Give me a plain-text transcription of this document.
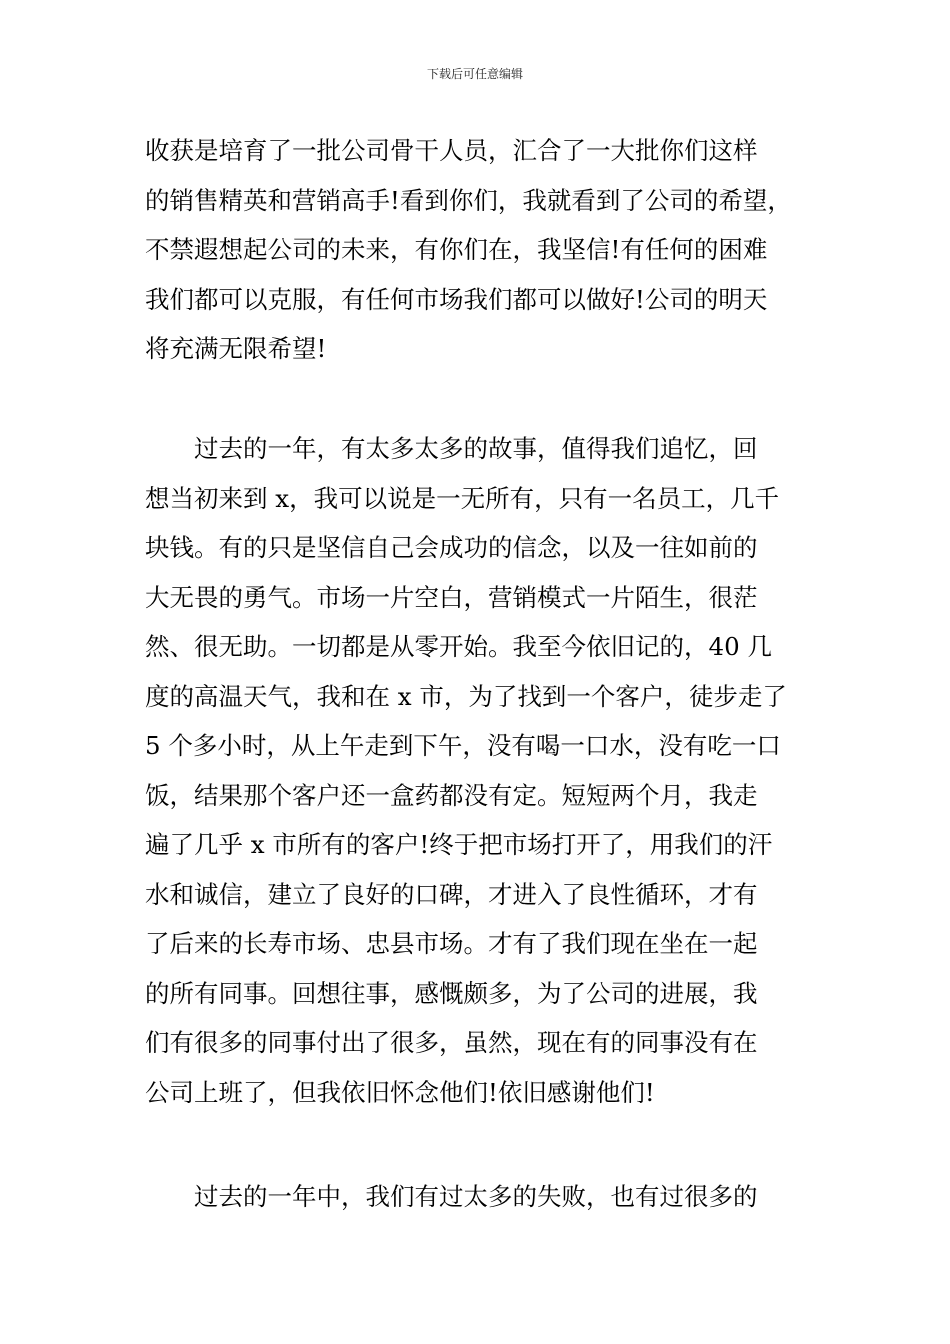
下载后可任意编辑
收获是培育了一批公司骨干人员，汇合了一大批你们这样
的销售精英和营销高手!看到你们，我就看到了公司的希望，
不禁遐想起公司的未来，有你们在，我坚信!有任何的困难
我们都可以克服，有任何市场我们都可以做好!公司的明天
将充满无限希望!
　　过去的一年，有太多太多的故事，值得我们追忆，回
想当初来到 x，我可以说是一无所有，只有一名员工，几千
块钱。有的只是坚信自己会成功的信念，以及一往如前的
大无畏的勇气。市场一片空白，营销模式一片陌生，很茫
然、很无助。一切都是从零开始。我至今依旧记的，40 几
度的高温天气，我和在 x 市，为了找到一个客户，徒步走了
5 个多小时，从上午走到下午，没有喝一口水，没有吃一口
饭，结果那个客户还一盒药都没有定。短短两个月，我走
遍了几乎 x 市所有的客户!终于把市场打开了，用我们的汗
水和诚信，建立了良好的口碑，才进入了良性循环，才有
了后来的长寿市场、忠县市场。才有了我们现在坐在一起
的所有同事。回想往事，感慨颇多，为了公司的进展，我
们有很多的同事付出了很多，虽然，现在有的同事没有在
公司上班了，但我依旧怀念他们!依旧感谢他们!
　　过去的一年中，我们有过太多的失败，也有过很多的
